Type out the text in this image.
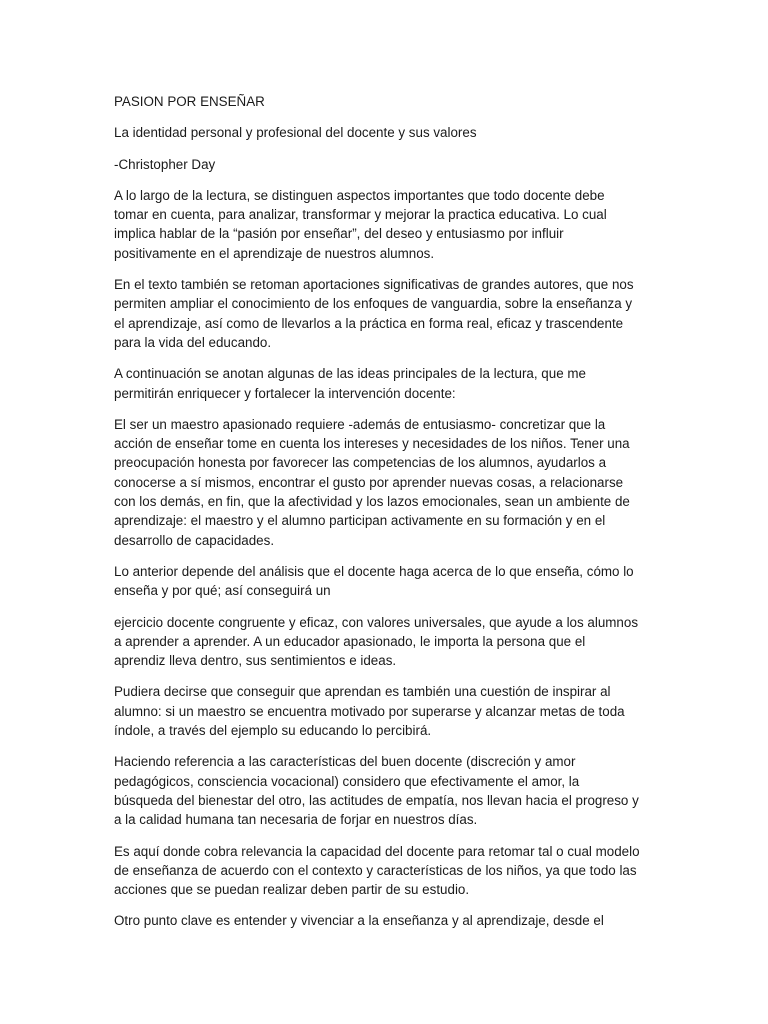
PASION POR ENSEÑAR

La identidad personal y profesional del docente y sus valores

-Christopher Day

A lo largo de la lectura, se distinguen aspectos importantes que todo docente debe
tomar en cuenta, para analizar, transformar y mejorar la practica educativa. Lo cual
implica hablar de la “pasión por enseñar”, del deseo y entusiasmo por influir
positivamente en el aprendizaje de nuestros alumnos.

En el texto también se retoman aportaciones significativas de grandes autores, que nos
permiten ampliar el conocimiento de los enfoques de vanguardia, sobre la enseñanza y
el aprendizaje, así como de llevarlos a la práctica en forma real, eficaz y trascendente
para la vida del educando.

A continuación se anotan algunas de las ideas principales de la lectura, que me
permitirán enriquecer y fortalecer la intervención docente:

El ser un maestro apasionado requiere -además de entusiasmo- concretizar que la
acción de enseñar tome en cuenta los intereses y necesidades de los niños. Tener una
preocupación honesta por favorecer las competencias de los alumnos, ayudarlos a
conocerse a sí mismos, encontrar el gusto por aprender nuevas cosas, a relacionarse
con los demás, en fin, que la afectividad y los lazos emocionales, sean un ambiente de
aprendizaje: el maestro y el alumno participan activamente en su formación y en el
desarrollo de capacidades.

Lo anterior depende del análisis que el docente haga acerca de lo que enseña, cómo lo
enseña y por qué; así conseguirá un

ejercicio docente congruente y eficaz, con valores universales, que ayude a los alumnos
a aprender a aprender. A un educador apasionado, le importa la persona que el
aprendiz lleva dentro, sus sentimientos e ideas.

Pudiera decirse que conseguir que aprendan es también una cuestión de inspirar al
alumno: si un maestro se encuentra motivado por superarse y alcanzar metas de toda
índole, a través del ejemplo su educando lo percibirá.

Haciendo referencia a las características del buen docente (discreción y amor
pedagógicos, consciencia vocacional) considero que efectivamente el amor, la
búsqueda del bienestar del otro, las actitudes de empatía, nos llevan hacia el progreso y
a la calidad humana tan necesaria de forjar en nuestros días.

Es aquí donde cobra relevancia la capacidad del docente para retomar tal o cual modelo
de enseñanza de acuerdo con el contexto y características de los niños, ya que todo las
acciones que se puedan realizar deben partir de su estudio.

Otro punto clave es entender y vivenciar a la enseñanza y al aprendizaje, desde el
